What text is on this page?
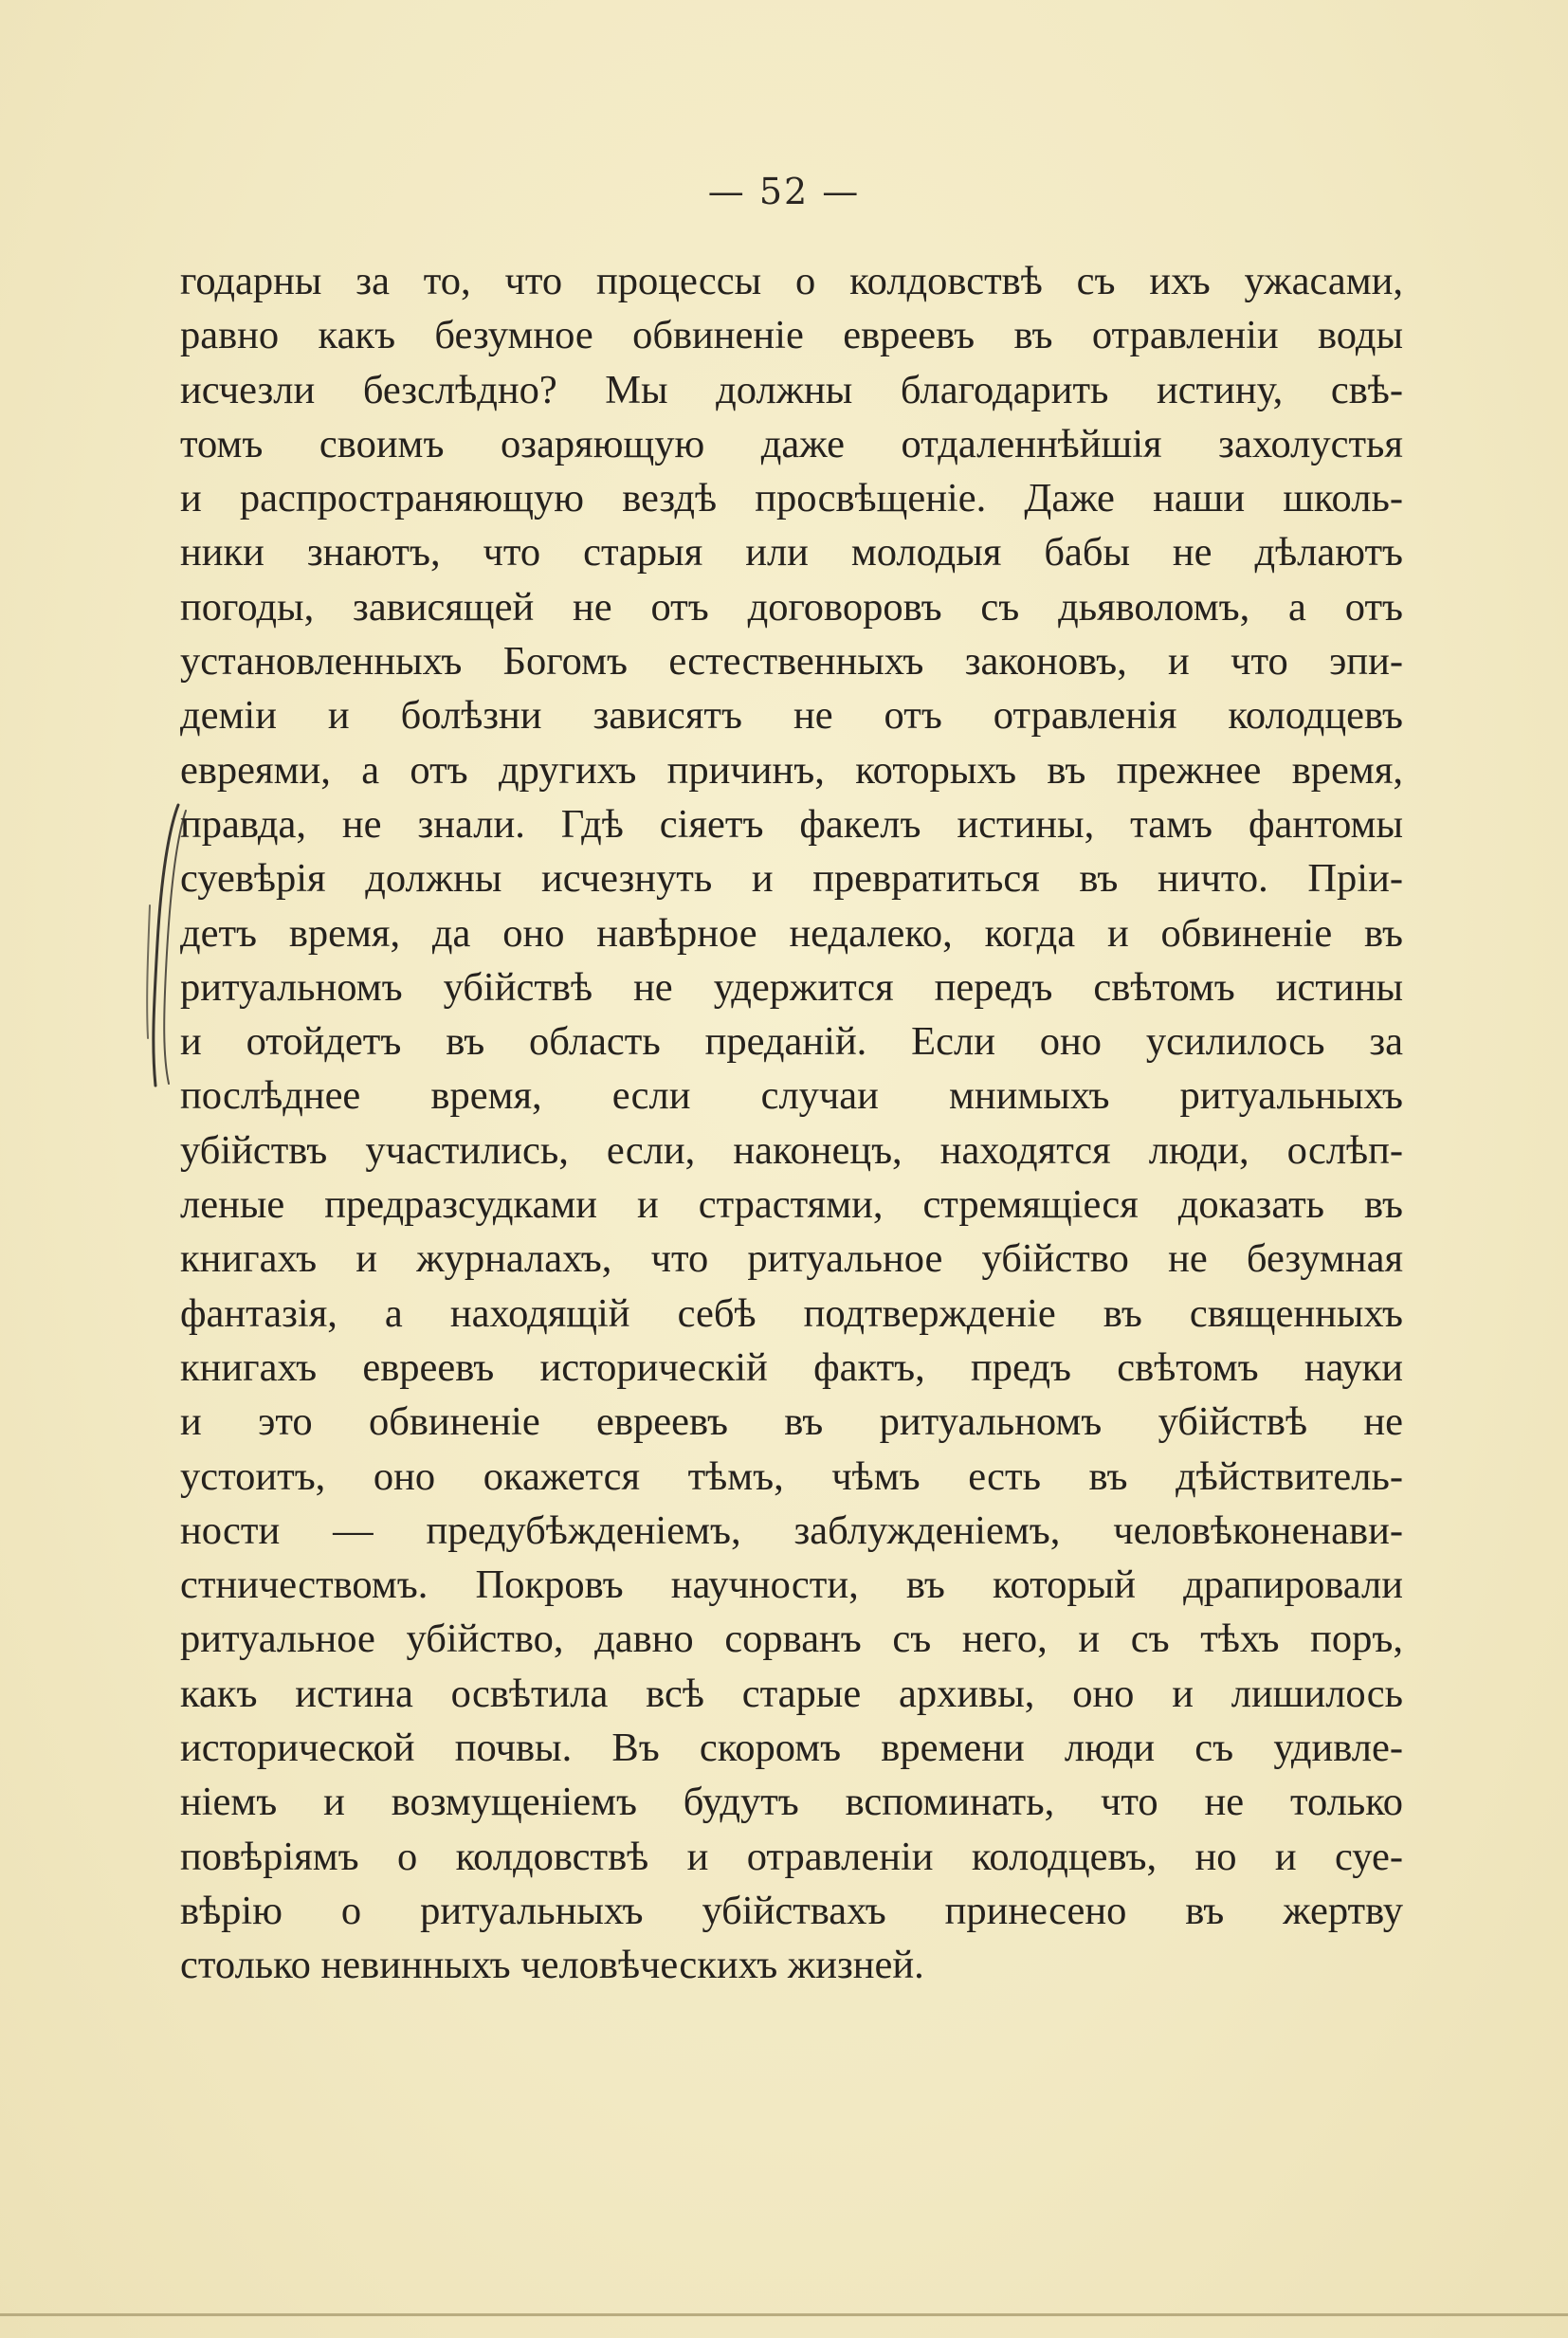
— 52 —
годарны за то, что процессы о колдовствѣ съ ихъ ужасами,
равно какъ безумное обвиненіе евреевъ въ отравленіи воды
исчезли безслѣдно? Мы должны благодарить истину, свѣ-
томъ своимъ озаряющую даже отдаленнѣйшія захолустья
и распространяющую вездѣ просвѣщеніе. Даже наши школь-
ники знаютъ, что старыя или молодыя бабы не дѣлаютъ
погоды, зависящей не отъ договоровъ съ дьяволомъ, а отъ
установленныхъ Богомъ естественныхъ законовъ, и что эпи-
деміи и болѣзни зависятъ не отъ отравленія колодцевъ
евреями, а отъ другихъ причинъ, которыхъ въ прежнее время,
правда, не знали. Гдѣ сіяетъ факелъ истины, тамъ фантомы
суевѣрія должны исчезнуть и превратиться въ ничто. Пріи-
детъ время, да оно навѣрное недалеко, когда и обвиненіе въ
ритуальномъ убійствѣ не удержится передъ свѣтомъ истины
и отойдетъ въ область преданій. Если оно усилилось за
послѣднее время, если случаи мнимыхъ ритуальныхъ
убійствъ участились, если, наконецъ, находятся люди, ослѣп-
леные предразсудками и страстями, стремящіеся доказать въ
книгахъ и журналахъ, что ритуальное убійство не безумная
фантазія, а находящій себѣ подтвержденіе въ священныхъ
книгахъ евреевъ историческій фактъ, предъ свѣтомъ науки
и это обвиненіе евреевъ въ ритуальномъ убійствѣ не
устоитъ, оно окажется тѣмъ, чѣмъ есть въ дѣйствитель-
ности — предубѣжденіемъ, заблужденіемъ, человѣконенави-
стничествомъ. Покровъ научности, въ который драпировали
ритуальное убійство, давно сорванъ съ него, и съ тѣхъ поръ,
какъ истина освѣтила всѣ старые архивы, оно и лишилось
исторической почвы. Въ скоромъ времени люди съ удивле-
ніемъ и возмущеніемъ будутъ вспоминать, что не только
повѣріямъ о колдовствѣ и отравленіи колодцевъ, но и суе-
вѣрію о ритуальныхъ убійствахъ принесено въ жертву
столько невинныхъ человѣческихъ жизней.
